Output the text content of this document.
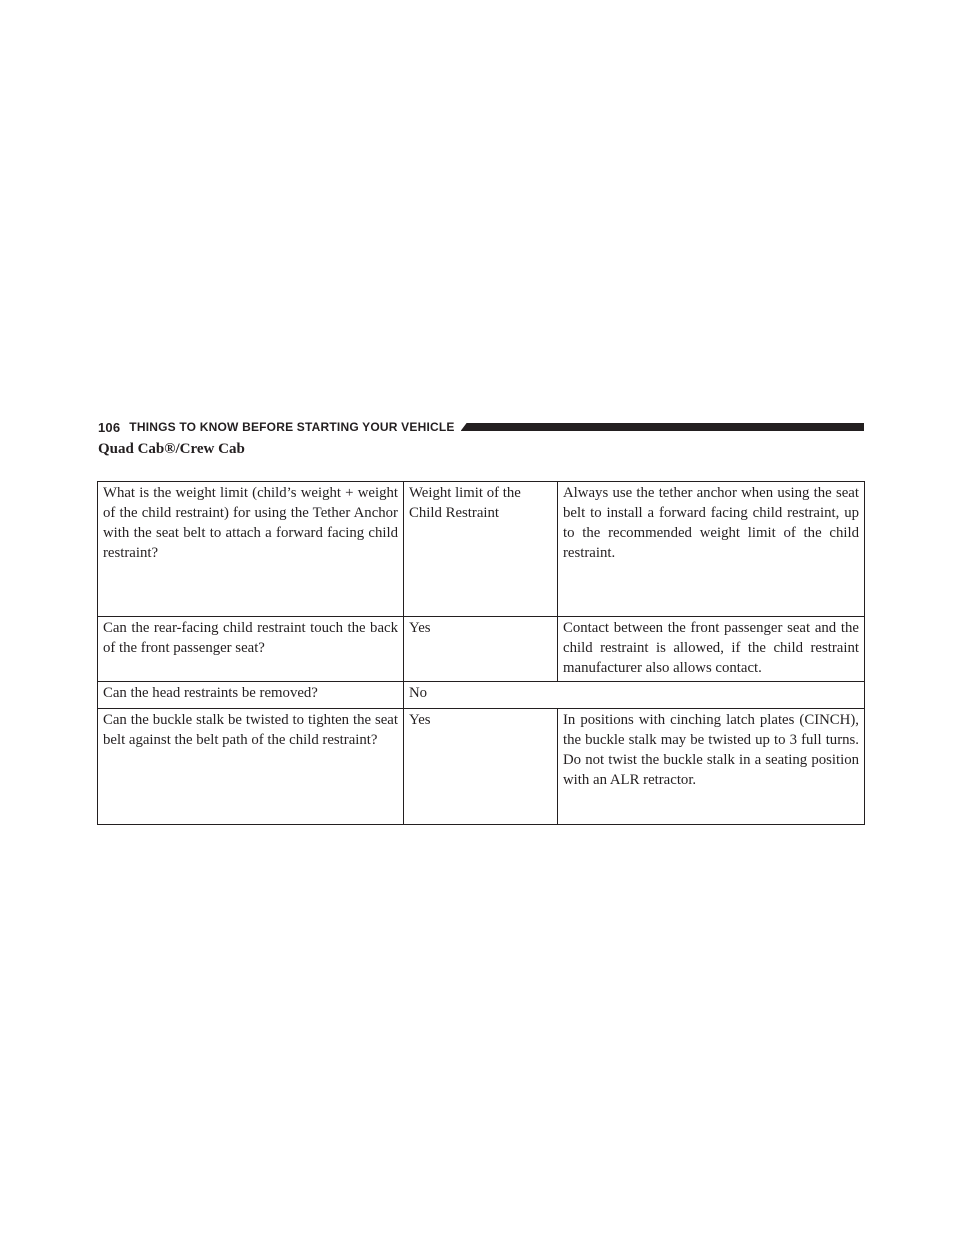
106 THINGS TO KNOW BEFORE STARTING YOUR VEHICLE
Quad Cab®/Crew Cab
What is the weight limit (child’s weight + weight of the child restraint) for using the Tether Anchor with the seat belt to attach a forward facing child restraint?	Weight limit of the Child Restraint	Always use the tether anchor when using the seat belt to install a forward facing child restraint, up to the recommended weight limit of the child restraint.
Can the rear-facing child restraint touch the back of the front passenger seat?	Yes	Contact between the front passenger seat and the child restraint is allowed, if the child restraint manufacturer also allows contact.
Can the head restraints be removed?	No	
Can the buckle stalk be twisted to tighten the seat belt against the belt path of the child restraint?	Yes	In positions with cinching latch plates (CINCH), the buckle stalk may be twisted up to 3 full turns. Do not twist the buckle stalk in a seating position with an ALR retractor.
